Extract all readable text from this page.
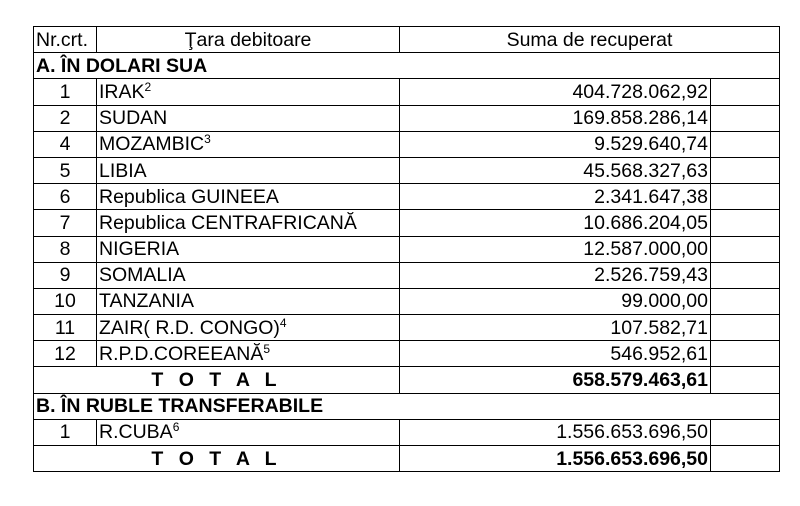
Nr.crt.	Ţara debitoare	Suma de recuperat	
A. ÎN DOLARI SUA			
1	IRAK$^2$	404.728.062,92	
2	SUDAN	169.858.286,14	
4	MOZAMBIC$^3$	9.529.640,74	
5	LIBIA	45.568.327,63	
6	Republica GUINEEA	2.341.647,38	
7	Republica CENTRAFRICANĂ	10.686.204,05	
8	NIGERIA	12.587.000,00	
9	SOMALIA	2.526.759,43	
10	TANZANIA	99.000,00	
11	ZAIR( R.D. CONGO)$^4$	107.582,71	
12	R.P.D.COREEANĂ$^5$	546.952,61	
T O T A L		658.579.463,61	
B. ÎN RUBLE TRANSFERABILE			
1	R.CUBA$^6$	1.556.653.696,50	
T O T A L		1.556.653.696,50	
